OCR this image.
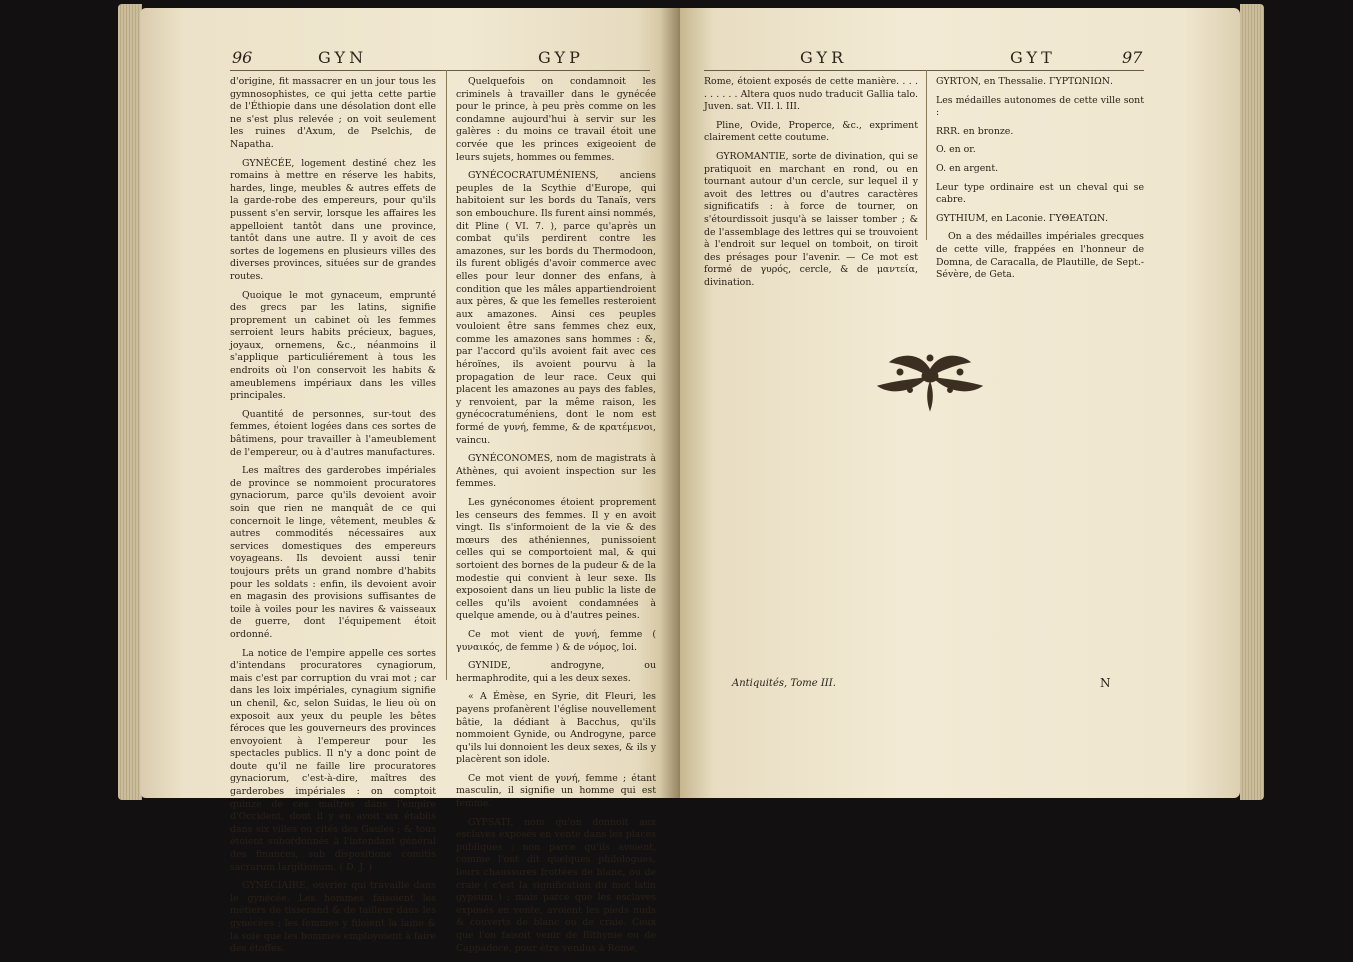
96	GYN	GYP

d'origine, fit massacrer en un jour tous les gymnosophistes, ce qui jetta cette partie de l'Éthiopie dans une désolation dont elle ne s'est plus relevée ; on voit seulement les ruines d'Axum, de Pselchis, de Napatha.

GYNÉCÉE, logement destiné chez les romains à mettre en réserve les habits, hardes, linge, meubles & autres effets de la garde-robe des empereurs, pour qu'ils pussent s'en servir, lorsque les affaires les appelloient tantôt dans une province, tantôt dans une autre. Il y avoit de ces sortes de logemens en plusieurs villes des diverses provinces, situées sur de grandes routes.

Quoique le mot gynaceum, emprunté des grecs par les latins, signifie proprement un cabinet où les femmes serroient leurs habits précieux, bagues, joyaux, ornemens, &c., néanmoins il s'applique particuliérement à tous les endroits où l'on conservoit les habits & ameublemens impériaux dans les villes principales.

Quantité de personnes, sur-tout des femmes, étoient logées dans ces sortes de bâtimens, pour travailler à l'ameublement de l'empereur, ou à d'autres manufactures.

Les maîtres des garderobes impériales de province se nommoient procuratores gynaciorum, parce qu'ils devoient avoir soin que rien ne manquât de ce qui concernoit le linge, vêtement, meubles & autres commodités nécessaires aux services domestiques des empereurs voyageans. Ils devoient aussi tenir toujours prêts un grand nombre d'habits pour les soldats : enfin, ils devoient avoir en magasin des provisions suffisantes de toile à voiles pour les navires & vaisseaux de guerre, dont l'équipement étoit ordonné.

La notice de l'empire appelle ces sortes d'intendans procuratores cynagiorum, mais c'est par corruption du vrai mot ; car dans les loix impériales, cynagium signifie un chenil, &c, selon Suidas, le lieu où on exposoit aux yeux du peuple les bêtes féroces que les gouverneurs des provinces envoyoient à l'empereur pour les spectacles publics. Il n'y a donc point de doute qu'il ne faille lire procuratores gynaciorum, c'est-à-dire, maîtres des garderobes impériales : on comptoit quinze de ces maîtres dans l'empire d'Occident, dont il y en avoit six établis dans six villes ou cités des Gaules ; & tous étoient subordonnés à l'intendant général des finances, sub dispositione comitis sacrarum largitionum. ( D. J. )

GYNÉCIAIRE, ouvrier qui travaille dans le gynécée. Les hommes faisoient les métiers de tisserand & de tailleur dans les gynécées ; les femmes y filoient la laine & la soie que les hommes employoient à faire des étoffes.

Quelquefois on condamnoit les criminels à travailler dans le gynécée pour le prince, à peu près comme on les condamne aujourd'hui à servir sur les galères : du moins ce travail étoit une corvée que les princes exigeoient de leurs sujets, hommes ou femmes.

GYNÉCOCRATUMÉNIENS, anciens peuples de la Scythie d'Europe, qui habitoient sur les bords du Tanaïs, vers son embouchure. Ils furent ainsi nommés, dit Pline ( VI. 7. ), parce qu'après un combat qu'ils perdirent contre les amazones, sur les bords du Thermodoon, ils furent obligés d'avoir commerce avec elles pour leur donner des enfans, à condition que les mâles appartiendroient aux pères, & que les femelles resteroient aux amazones. Ainsi ces peuples vouloient être sans femmes chez eux, comme les amazones sans hommes : &, par l'accord qu'ils avoient fait avec ces héroïnes, ils avoient pourvu à la propagation de leur race. Ceux qui placent les amazones au pays des fables, y renvoient, par la même raison, les gynécocratuméniens, dont le nom est formé de γυνή, femme, & de κρατέμενοι, vaincu.

GYNÉCONOMES, nom de magistrats à Athènes, qui avoient inspection sur les femmes.

Les gynéconomes étoient proprement les censeurs des femmes. Il y en avoit vingt. Ils s'informoient de la vie & des mœurs des athéniennes, punissoient celles qui se comportoient mal, & qui sortoient des bornes de la pudeur & de la modestie qui convient à leur sexe. Ils exposoient dans un lieu public la liste de celles qu'ils avoient condamnées à quelque amende, ou à d'autres peines.

Ce mot vient de γυνή, femme ( γυναικός, de femme ) & de νόμος, loi.

GYNIDE, androgyne, ou hermaphrodite, qui a les deux sexes.

« A Émèse, en Syrie, dit Fleuri, les payens profanèrent l'église nouvellement bâtie, la dédiant à Bacchus, qu'ils nommoient Gynide, ou Androgyne, parce qu'ils lui donnoient les deux sexes, & ils y placèrent son idole.

Ce mot vient de γυνή, femme ; étant masculin, il signifie un homme qui est femme.

GYPSATI, nom qu'on donnoit aux esclaves exposés en vente dans les places publiques ; non parce qu'ils avoient, comme l'ont dit quelques philologues, leurs chaussures frottées de blanc, ou de craie ( c'est la signification du mot latin gypsum ) ; mais parce que les esclaves exposés en vente, avoient les pieds nuds & couverts de blanc ou de craie. Ceux que l'on faisoit venir de Bithynie ou de Cappadoce, pour être vendus à Rome,

GYR	GYT	97

Rome, étoient exposés de cette manière. . . . . . . . . . Altera quos nudo traducit Gallia talo. Juven. sat. VII. l. III.

Pline, Ovide, Properce, &c., expriment clairement cette coutume.

GYROMANTIE, sorte de divination, qui se pratiquoit en marchant en rond, ou en tournant autour d'un cercle, sur lequel il y avoit des lettres ou d'autres caractères significatifs : à force de tourner, on s'étourdissoit jusqu'à se laisser tomber ; & de l'assemblage des lettres qui se trouvoient à l'endroit sur lequel on tomboit, on tiroit des présages pour l'avenir. — Ce mot est formé de γυρός, cercle, & de μαντεία, divination.

GYRTON, en Thessalie. ΓΥΡΤΩΝΙΩΝ.

Les médailles autonomes de cette ville sont :

RRR. en bronze.

O. en or.

O. en argent.

Leur type ordinaire est un cheval qui se cabre.

GYTHIUM, en Laconie. ΓΥΘΕΑΤΩΝ.

On a des médailles impériales grecques de cette ville, frappées en l'honneur de Domna, de Caracalla, de Plautille, de Sept.-Sévère, de Geta.

Antiquités, Tome III.	N
